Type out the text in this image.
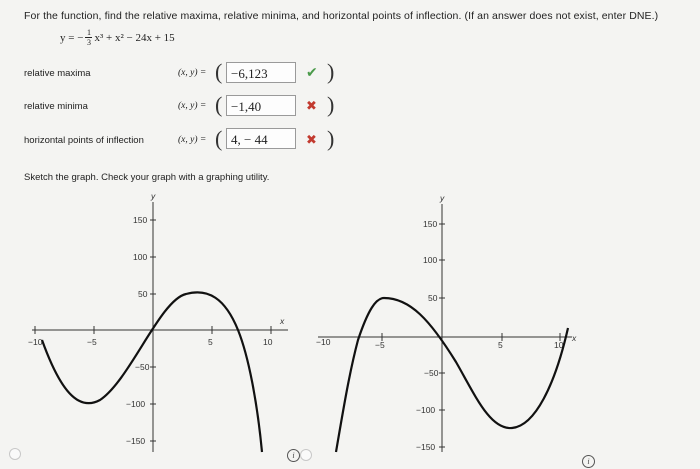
For the function, find the relative maxima, relative minima, and horizontal points of inflection. (If an answer does not exist, enter DNE.)
y =
− $\frac{1}{3} x^3 + x^2 - 24x + 15$
relative maxima	(x, y) = ( −6,123	✔ )
relative minima	(x, y) = ( −1,40	✖ )
horizontal points of inflection	(x, y) = ( 4, − 44	✖ )
Sketch the graph. Check your graph with a graphing utility.
y
x
−10	−5	5	10
150
100
50
−50
−100
−150
y
x
−10	−5	5	10
150
100
50
−50
−100
−150
i
i
